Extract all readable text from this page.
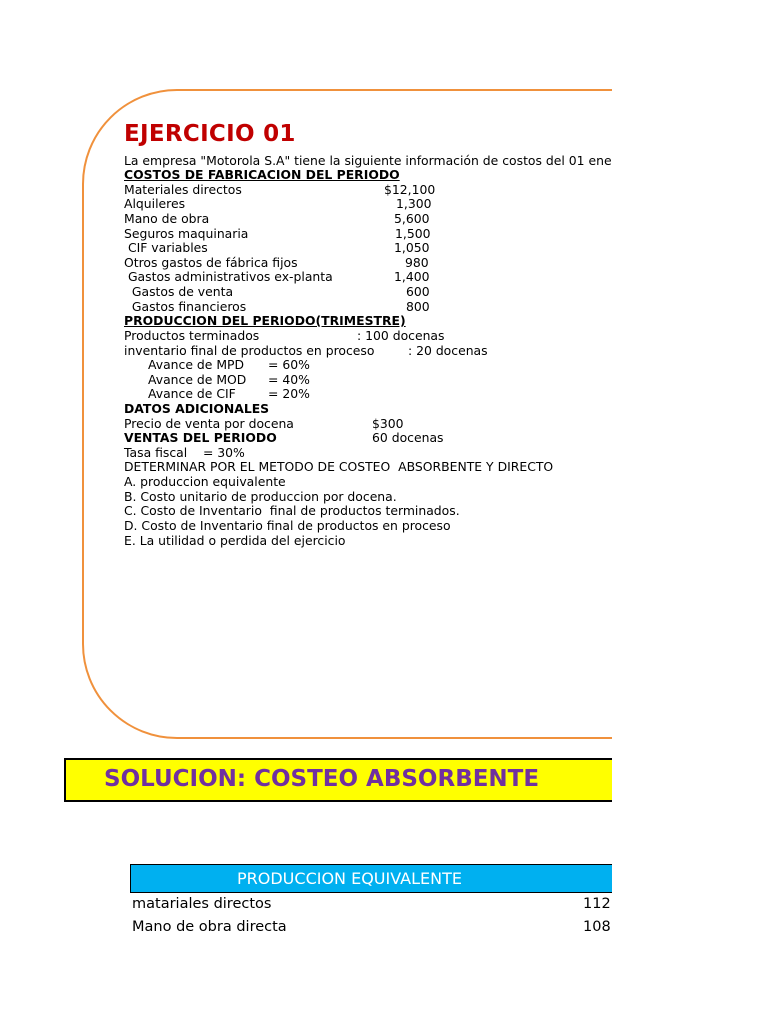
EJERCICIO 01
La empresa "Motorola S.A" tiene la siguiente información de costos del 01 ene
COSTOS DE FABRICACION DEL PERIODO
Materiales directos	$12,100
Alquileres	1,300
Mano de obra	5,600
Seguros maquinaria	1,500
CIF variables	1,050
Otros gastos de fábrica fijos	980
Gastos administrativos ex-planta	1,400
Gastos de venta	600
Gastos financieros	800
PRODUCCION DEL PERIODO(TRIMESTRE)
Productos terminados	: 100 docenas
inventario final de productos en proceso	: 20 docenas
Avance de MPD = 60%
Avance de MOD = 40%
Avance de CIF	= 20%
DATOS ADICIONALES
Precio de venta por docena	$300
VENTAS DEL PERIODO	60 docenas
Tasa fiscal    = 30%
DETERMINAR POR EL METODO DE COSTEO  ABSORBENTE Y DIRECTO
A. produccion equivalente
B. Costo unitario de produccion por docena.
C. Costo de Inventario  final de productos terminados.
D. Costo de Inventario final de productos en proceso
E. La utilidad o perdida del ejercicio
SOLUCION: COSTEO ABSORBENTE
PRODUCCION EQUIVALENTE
matariales directos	112
Mano de obra directa	108
